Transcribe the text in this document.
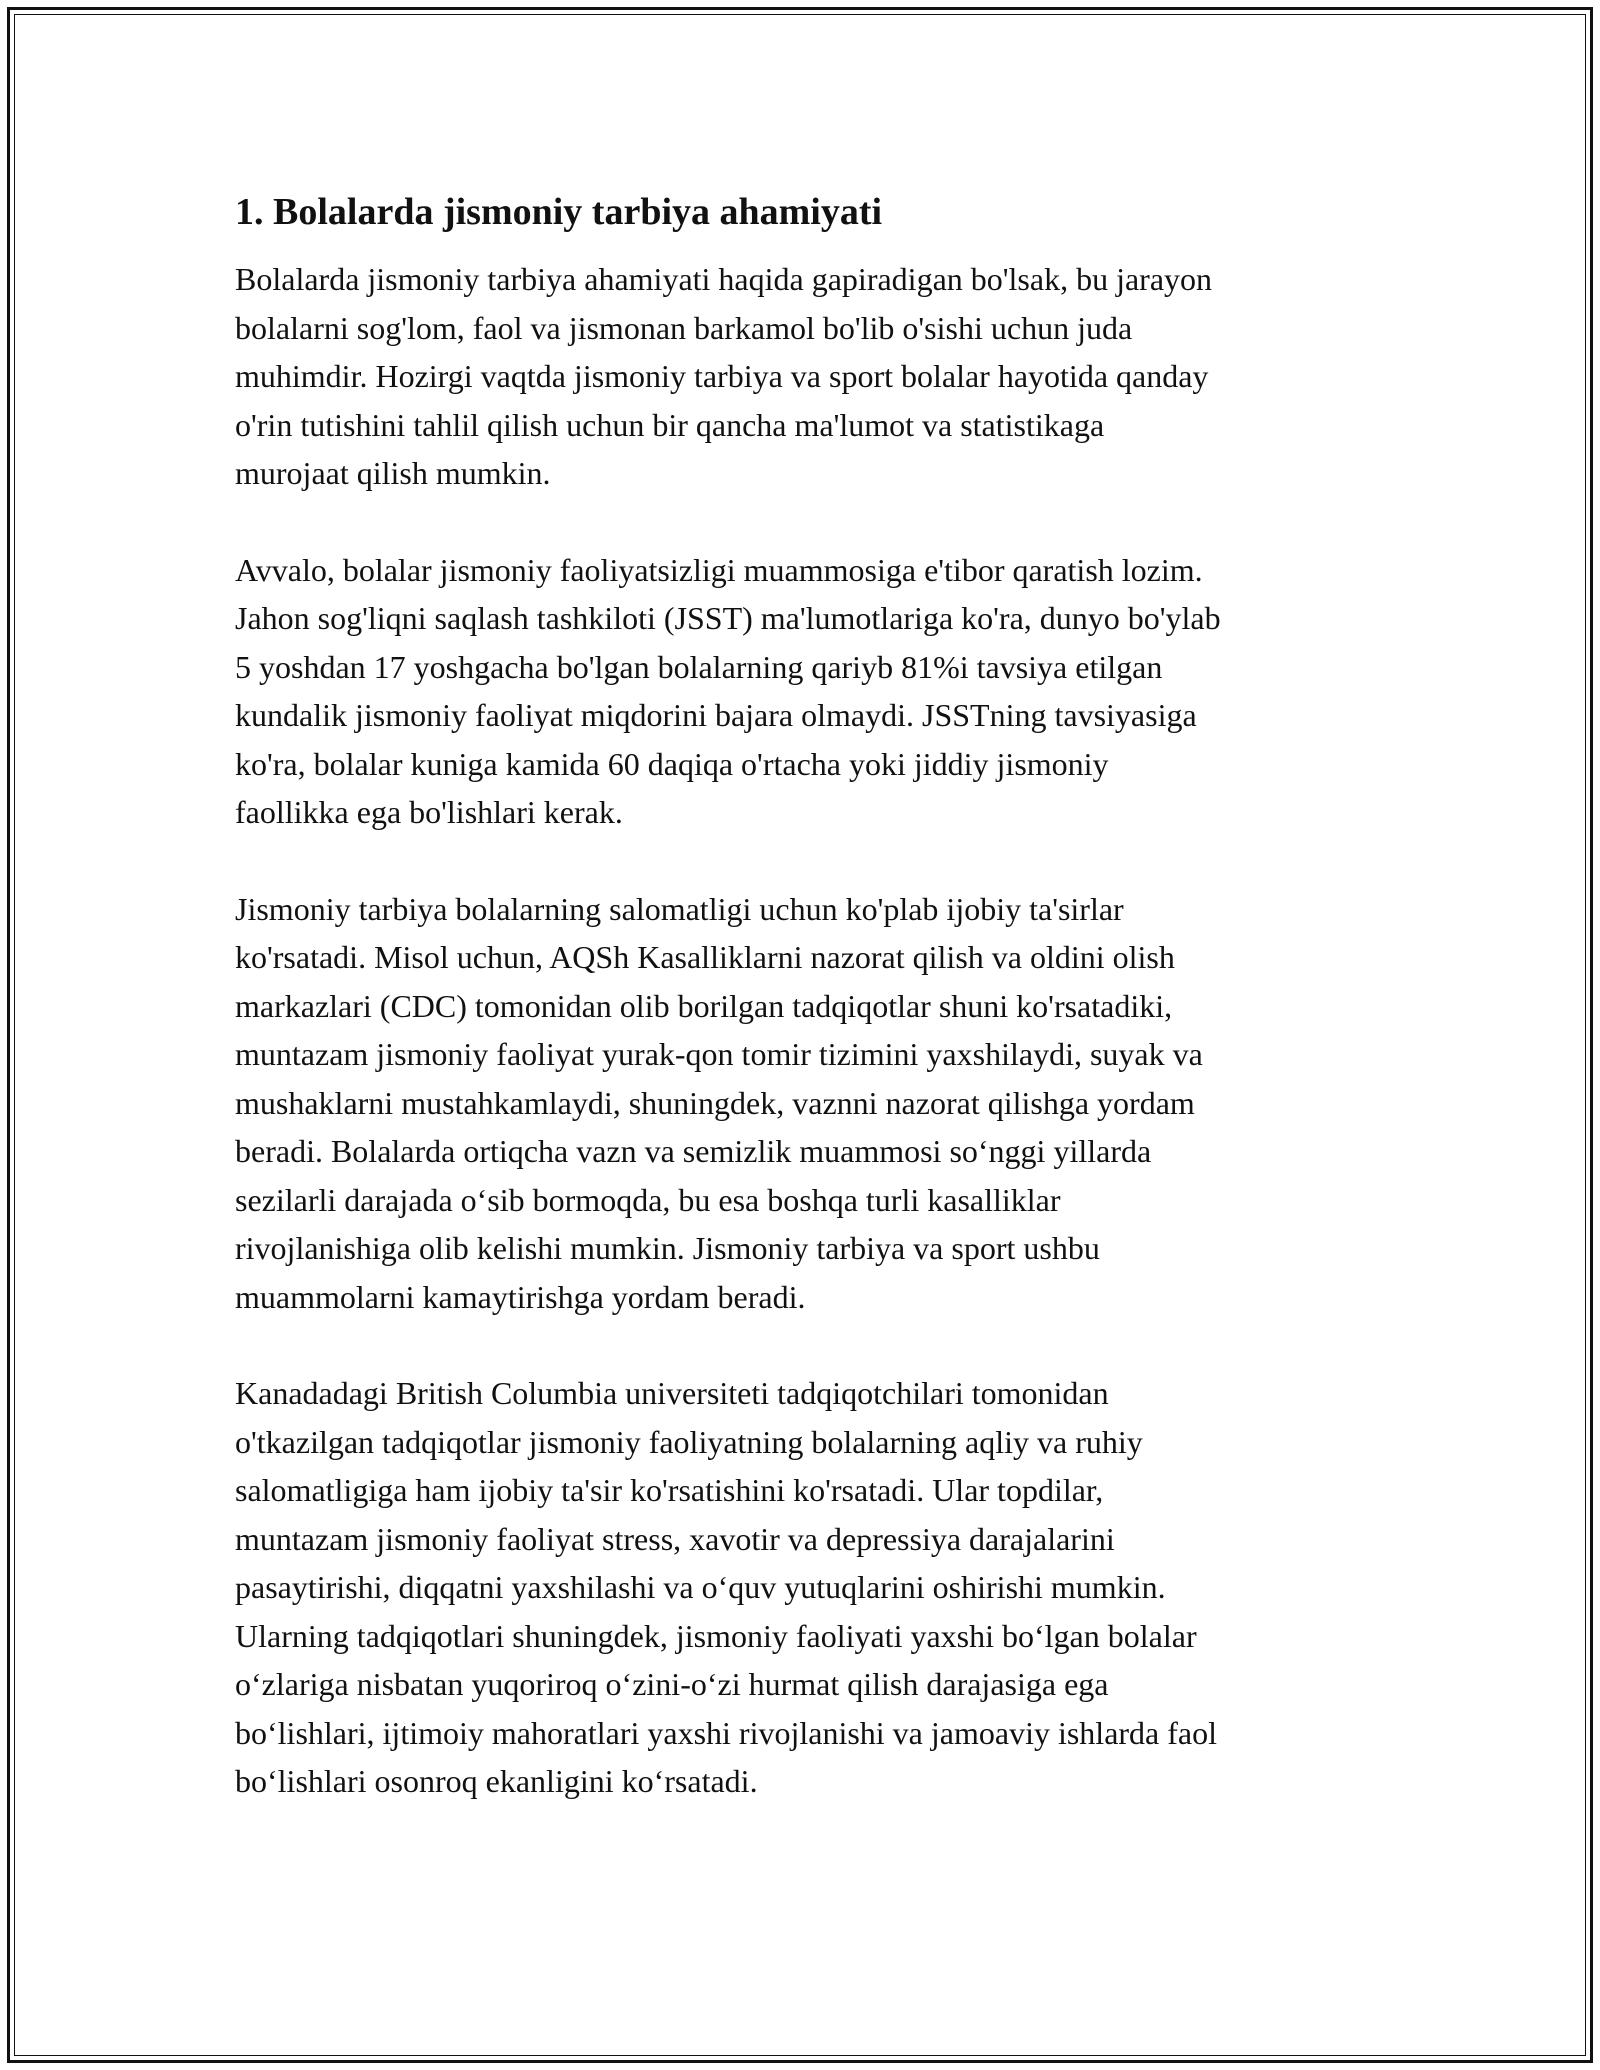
1. Bolalarda jismoniy tarbiya ahamiyati

Bolalarda jismoniy tarbiya ahamiyati haqida gapiradigan bo'lsak, bu jarayon
bolalarni sog'lom, faol va jismonan barkamol bo'lib o'sishi uchun juda
muhimdir. Hozirgi vaqtda jismoniy tarbiya va sport bolalar hayotida qanday
o'rin tutishini tahlil qilish uchun bir qancha ma'lumot va statistikaga
murojaat qilish mumkin.

Avvalo, bolalar jismoniy faoliyatsizligi muammosiga e'tibor qaratish lozim.
Jahon sog'liqni saqlash tashkiloti (JSST) ma'lumotlariga ko'ra, dunyo bo'ylab
5 yoshdan 17 yoshgacha bo'lgan bolalarning qariyb 81%i tavsiya etilgan
kundalik jismoniy faoliyat miqdorini bajara olmaydi. JSSTning tavsiyasiga
ko'ra, bolalar kuniga kamida 60 daqiqa o'rtacha yoki jiddiy jismoniy
faollikka ega bo'lishlari kerak.

Jismoniy tarbiya bolalarning salomatligi uchun ko'plab ijobiy ta'sirlar
ko'rsatadi. Misol uchun, AQSh Kasalliklarni nazorat qilish va oldini olish
markazlari (CDC) tomonidan olib borilgan tadqiqotlar shuni ko'rsatadiki,
muntazam jismoniy faoliyat yurak-qon tomir tizimini yaxshilaydi, suyak va
mushaklarni mustahkamlaydi, shuningdek, vaznni nazorat qilishga yordam
beradi. Bolalarda ortiqcha vazn va semizlik muammosi so‘nggi yillarda
sezilarli darajada o‘sib bormoqda, bu esa boshqa turli kasalliklar
rivojlanishiga olib kelishi mumkin. Jismoniy tarbiya va sport ushbu
muammolarni kamaytirishga yordam beradi.

Kanadadagi British Columbia universiteti tadqiqotchilari tomonidan
o'tkazilgan tadqiqotlar jismoniy faoliyatning bolalarning aqliy va ruhiy
salomatligiga ham ijobiy ta'sir ko'rsatishini ko'rsatadi. Ular topdilar,
muntazam jismoniy faoliyat stress, xavotir va depressiya darajalarini
pasaytirishi, diqqatni yaxshilashi va o‘quv yutuqlarini oshirishi mumkin.
Ularning tadqiqotlari shuningdek, jismoniy faoliyati yaxshi bo‘lgan bolalar
o‘zlariga nisbatan yuqoriroq o‘zini-o‘zi hurmat qilish darajasiga ega
bo‘lishlari, ijtimoiy mahoratlari yaxshi rivojlanishi va jamoaviy ishlarda faol
bo‘lishlari osonroq ekanligini ko‘rsatadi.
